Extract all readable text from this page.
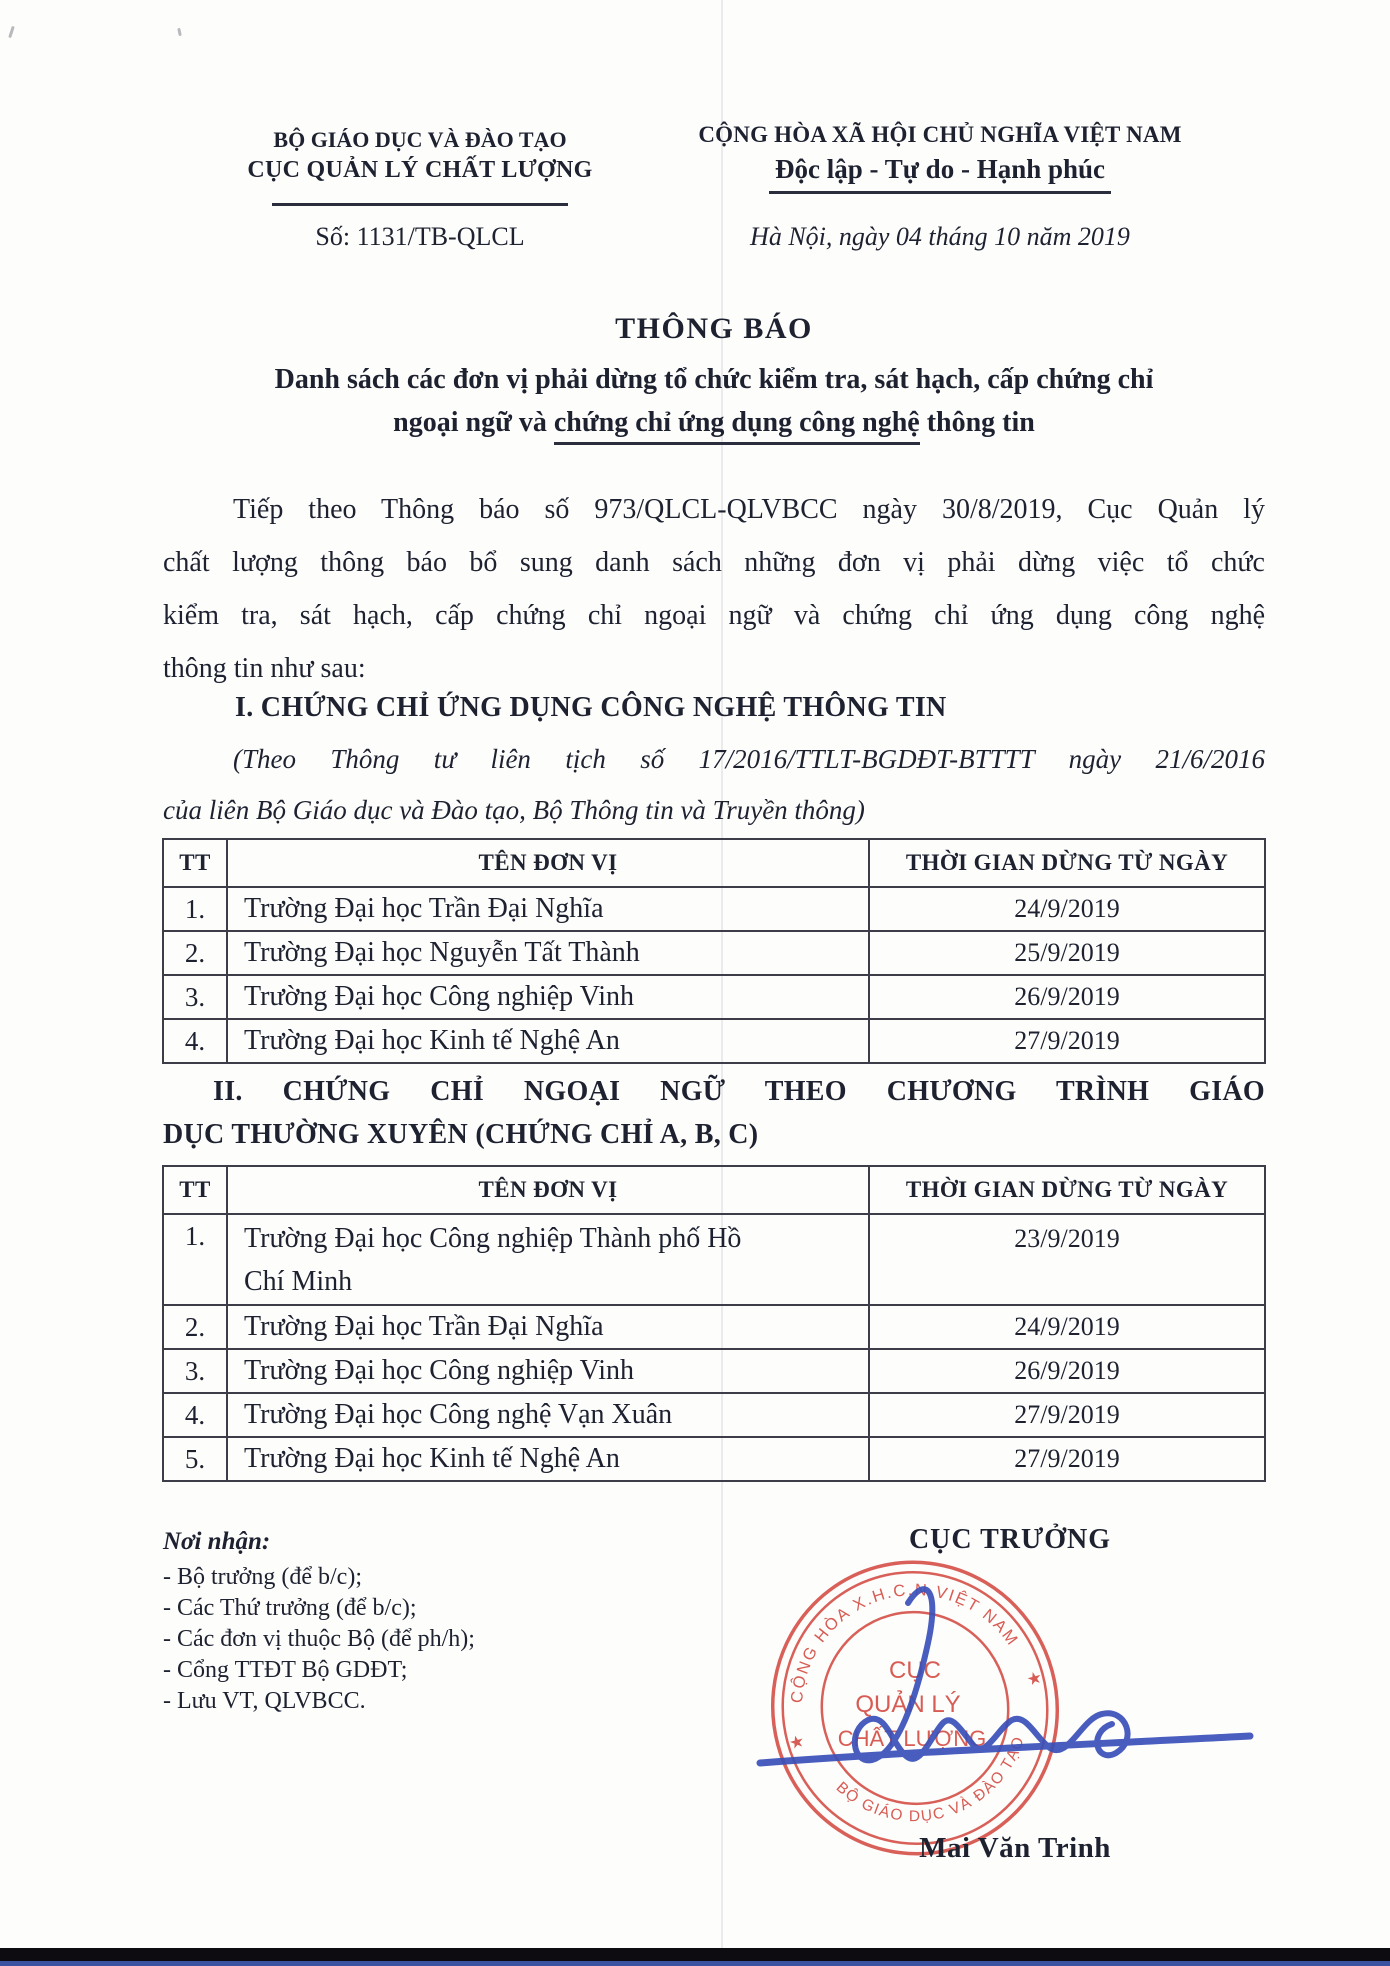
BỘ GIÁO DỤC VÀ ĐÀO TẠO
CỤC QUẢN LÝ CHẤT LƯỢNG
Số: 1131/TB-QLCL
CỘNG HÒA XÃ HỘI CHỦ NGHĨA VIỆT NAM
Độc lập - Tự do - Hạnh phúc
Hà Nội, ngày 04 tháng 10 năm 2019
THÔNG BÁO
Danh sách các đơn vị phải dừng tổ chức kiểm tra, sát hạch, cấp chứng chỉ
ngoại ngữ và chứng chỉ ứng dụng công nghệ thông tin
Tiếp theo Thông báo số 973/QLCL-QLVBCC ngày 30/8/2019, Cục Quản lý
chất lượng thông báo bổ sung danh sách những đơn vị phải dừng việc tổ chức
kiểm tra, sát hạch, cấp chứng chỉ ngoại ngữ và chứng chỉ ứng dụng công nghệ
thông tin như sau:
I. CHỨNG CHỈ ỨNG DỤNG CÔNG NGHỆ THÔNG TIN
(Theo Thông tư liên tịch số 17/2016/TTLT-BGDĐT-BTTTT ngày 21/6/2016
của liên Bộ Giáo dục và Đào tạo, Bộ Thông tin và Truyền thông)
TT	TÊN ĐƠN VỊ	THỜI GIAN DỪNG TỪ NGÀY
1.	Trường Đại học Trần Đại Nghĩa	24/9/2019
2.	Trường Đại học Nguyễn Tất Thành	25/9/2019
3.	Trường Đại học Công nghiệp Vinh	26/9/2019
4.	Trường Đại học Kinh tế Nghệ An	27/9/2019
II. CHỨNG CHỈ NGOẠI NGỮ THEO CHƯƠNG TRÌNH GIÁO
DỤC THƯỜNG XUYÊN (CHỨNG CHỈ A, B, C)
TT	TÊN ĐƠN VỊ	THỜI GIAN DỪNG TỪ NGÀY
1.	Trường Đại học Công nghiệp Thành phố Hồ
Chí Minh	23/9/2019
2.	Trường Đại học Trần Đại Nghĩa	24/9/2019
3.	Trường Đại học Công nghiệp Vinh	26/9/2019
4.	Trường Đại học Công nghệ Vạn Xuân	27/9/2019
5.	Trường Đại học Kinh tế Nghệ An	27/9/2019
Nơi nhận:
- Bộ trưởng (để b/c);
- Các Thứ trưởng (để b/c);
- Các đơn vị thuộc Bộ (để ph/h);
- Cổng TTĐT Bộ GDĐT;
- Lưu VT, QLVBCC.
CỤC TRƯỞNG
CỘNG HÒA X.H.C.N VIỆT NAM
BỘ GIÁO DỤC VÀ ĐÀO TẠO
★
★
CỤC
QUẢN LÝ
CHẤT LƯỢNG
Mai Văn Trinh
